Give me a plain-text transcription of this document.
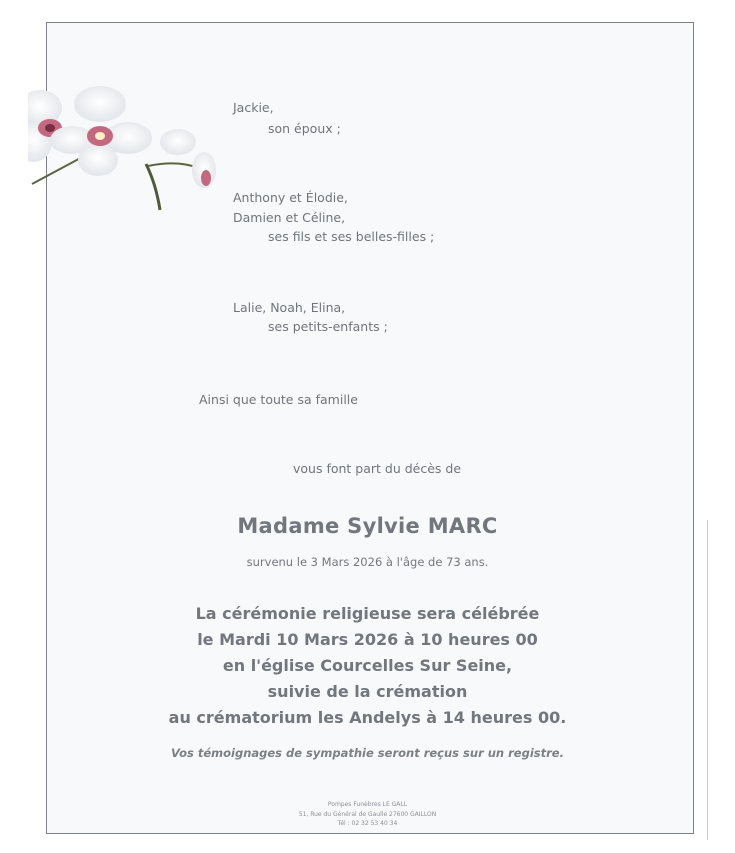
Jackie,
son époux ;
Anthony et Élodie,
Damien et Céline,
ses fils et ses belles-filles ;
Lalie, Noah, Elina,
ses petits-enfants ;
Ainsi que toute sa famille
vous font part du décès de
Madame Sylvie MARC
survenu le 3 Mars 2026 à l'âge de 73 ans.
La cérémonie religieuse sera célébrée
le Mardi 10 Mars 2026 à 10 heures 00
en l'église Courcelles Sur Seine,
suivie de la crémation
au crématorium les Andelys à 14 heures 00.
Vos témoignages de sympathie seront reçus sur un registre.
Pompes Funèbres LE GALL
51, Rue du Général de Gaulle 27600 GAILLON
Tél : 02 32 53 40 34
